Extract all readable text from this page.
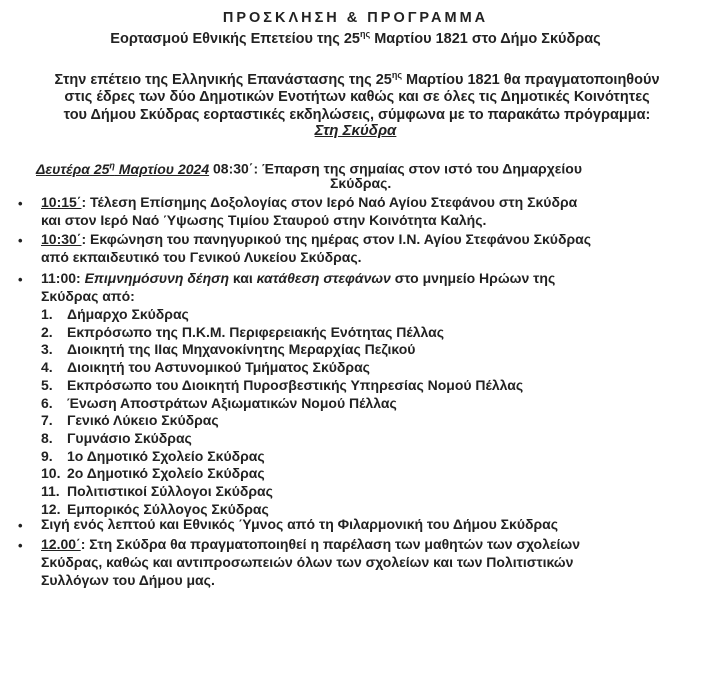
ΠΡΟΣΚΛΗΣΗ & ΠΡΟΓΡΑΜΜΑ
Εορτασμού Εθνικής Επετείου της $25^{\eta\varsigma}$ Μαρτίου 1821 στο Δήμο Σκύδρας
Στην επέτειο της Ελληνικής Επανάστασης της $25^{\eta\varsigma}$ Μαρτίου 1821 θα πραγματοποιηθούν
στις έδρες των δύο Δημοτικών Ενοτήτων καθώς και σε όλες τις Δημοτικές Κοινότητες
του Δήμου Σκύδρας εορταστικές εκδηλώσεις, σύμφωνα με το παρακάτω πρόγραμμα:
Στη Σκύδρα
Δευτέρα $25^\eta$ Μαρτίου 2024 08:30΄: Έπαρση της σημαίας στον ιστό του Δημαρχείου
Σκύδρας.
• 10:15΄: Τέλεση Επίσημης Δοξολογίας στον Ιερό Ναό Αγίου Στεφάνου στη Σκύδρα
και στον Ιερό Ναό Ύψωσης Τιμίου Σταυρού στην Κοινότητα Καλής.
• 10:30΄: Εκφώνηση του πανηγυρικού της ημέρας στον Ι.Ν. Αγίου Στεφάνου Σκύδρας
από εκπαιδευτικό του Γενικού Λυκείου Σκύδρας.
• 11:00: Επιμνημόσυνη δέηση και κατάθεση στεφάνων στο μνημείο Ηρώων της
Σκύδρας από:
1. Δήμαρχο Σκύδρας
2. Εκπρόσωπο της Π.Κ.Μ. Περιφερειακής Ενότητας Πέλλας
3. Διοικητή της ΙΙας Μηχανοκίνητης Μεραρχίας Πεζικού
4. Διοικητή του Αστυνομικού Τμήματος Σκύδρας
5. Εκπρόσωπο του Διοικητή Πυροσβεστικής Υπηρεσίας Νομού Πέλλας
6. Ένωση Αποστράτων Αξιωματικών Νομού Πέλλας
7. Γενικό Λύκειο Σκύδρας
8. Γυμνάσιο Σκύδρας
9. 1ο Δημοτικό Σχολείο Σκύδρας
10. 2ο Δημοτικό Σχολείο Σκύδρας
11. Πολιτιστικοί Σύλλογοι Σκύδρας
12. Εμπορικός Σύλλογος Σκύδρας
• Σιγή ενός λεπτού και Εθνικός Ύμνος από τη Φιλαρμονική του Δήμου Σκύδρας
• 12.00΄: Στη Σκύδρα θα πραγματοποιηθεί η παρέλαση των μαθητών των σχολείων
Σκύδρας, καθώς και αντιπροσωπειών όλων των σχολείων και των Πολιτιστικών
Συλλόγων του Δήμου μας.
